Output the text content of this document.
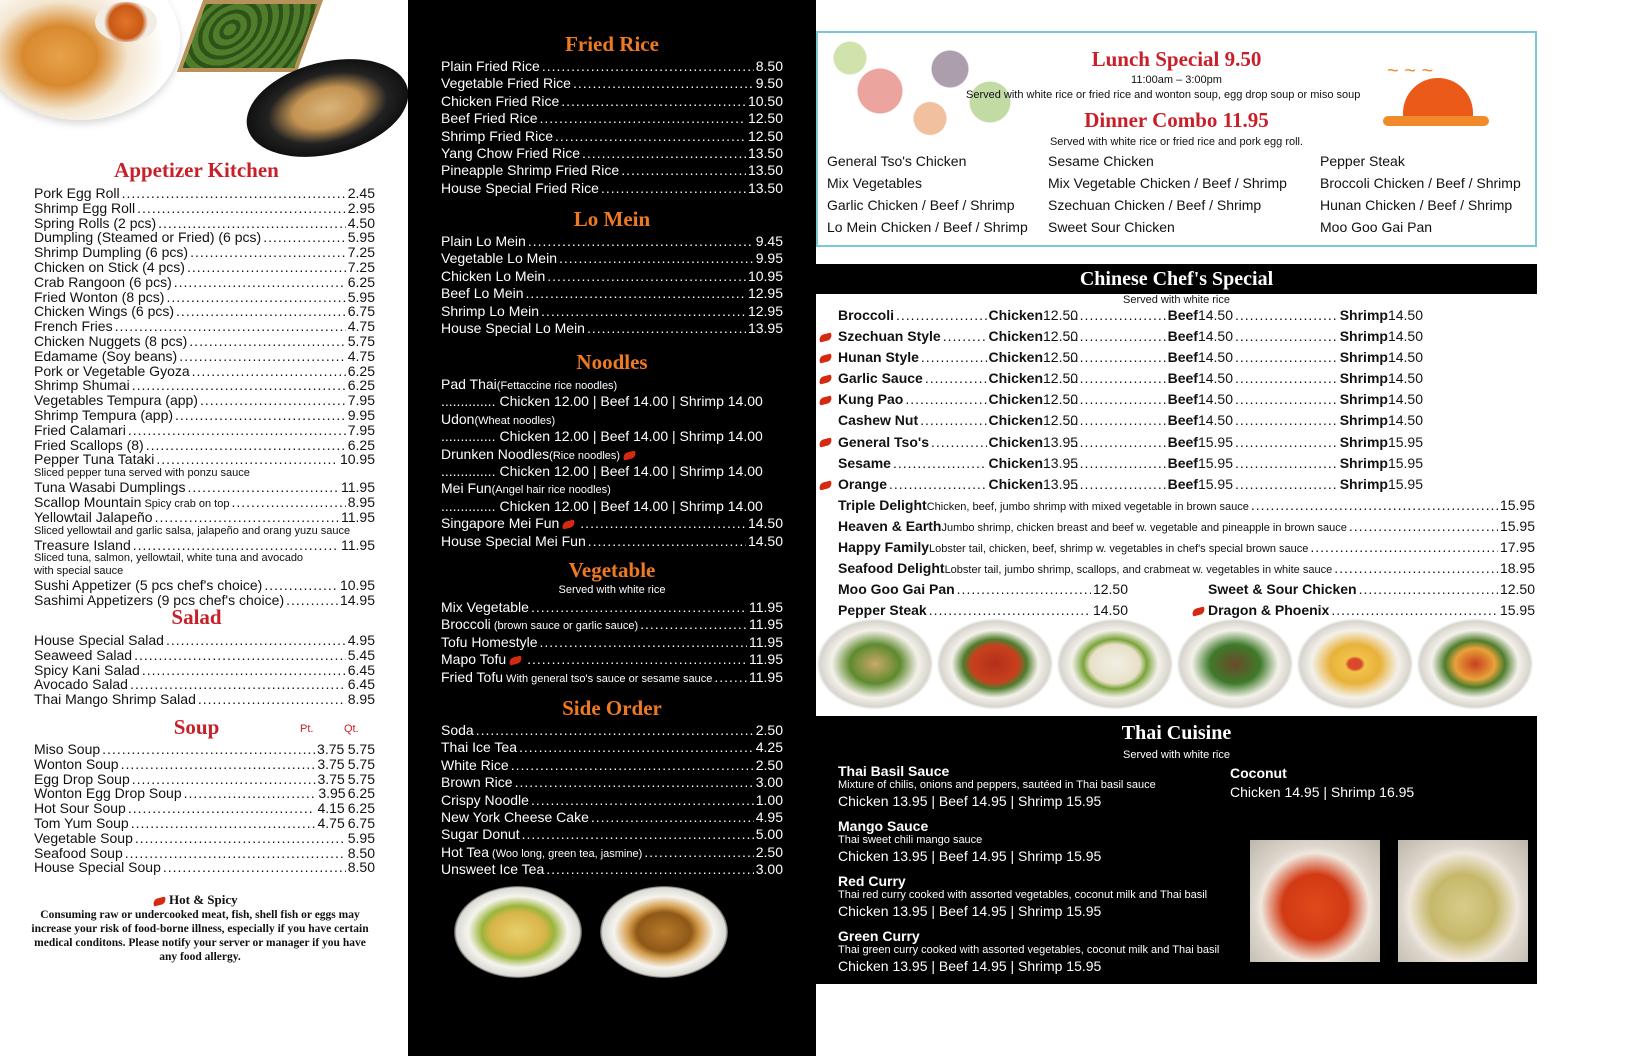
Appetizer Kitchen
Pork Egg Roll .....	2.45
Shrimp Egg Roll .....	2.95
Spring Rolls (2 pcs) .....	4.50
Dumpling (Steamed or Fried) (6 pcs) .....	5.95
Shrimp Dumpling (6 pcs) .....	7.25
Chicken on Stick (4 pcs) .....	7.25
Crab Rangoon (6 pcs) .....	6.25
Fried Wonton (8 pcs) .....	5.95
Chicken Wings (6 pcs) .....	6.75
French Fries .....	4.75
Chicken Nuggets (8 pcs) .....	5.75
Edamame (Soy beans) .....	4.75
Pork or Vegetable Gyoza .....	6.25
Shrimp Shumai .....	6.25
Vegetables Tempura (app) .....	7.95
Shrimp Tempura (app) .....	9.95
Fried Calamari .....	7.95
Fried Scallops (8) .....	6.25
Pepper Tuna Tataki .....	10.95
Sliced pepper tuna served with ponzu sauce
Tuna Wasabi Dumplings .....	11.95
Scallop Mountain Spicy crab on top .....	8.95
Yellowtail Jalapeño .....	11.95
Sliced yellowtail and garlic salsa, jalapeño and orang yuzu sauce
Treasure Island .....	11.95
Sliced tuna, salmon, yellowtail, white tuna and avocado
with special sauce
Sushi Appetizer (5 pcs chef's choice) .....	10.95
Sashimi Appetizers (9 pcs chef's choice) .....	14.95
Salad
House Special Salad .....	4.95
Seaweed Salad .....	5.45
Spicy Kani Salad .....	6.45
Avocado Salad .....	6.45
Thai Mango Shrimp Salad .....	8.95
Soup	Pt.	Qt.
Miso Soup .....	3.75 5.75
Wonton Soup .....	3.75 5.75
Egg Drop Soup .....	3.75 5.75
Wonton Egg Drop Soup .....	3.95 6.25
Hot Sour Soup .....	4.15 6.25
Tom Yum Soup .....	4.75 6.75
Vegetable Soup .....	5.95
Seafood Soup .....	8.50
House Special Soup .....	8.50
Hot & Spicy
Consuming raw or undercooked meat, fish, shell fish or eggs may increase your risk of food-borne illness, especially if you have certain medical conditons. Please notify your server or manager if you have any food allergy.
Fried Rice
Plain Fried Rice .....	8.50
Vegetable Fried Rice .....	9.50
Chicken Fried Rice .....	10.50
Beef Fried Rice .....	12.50
Shrimp Fried Rice .....	12.50
Yang Chow Fried Rice .....	13.50
Pineapple Shrimp Fried Rice .....	13.50
House Special Fried Rice .....	13.50
Lo Mein
Plain Lo Mein .....	9.45
Vegetable Lo Mein .....	9.95
Chicken Lo Mein .....	10.95
Beef Lo Mein .....	12.95
Shrimp Lo Mein .....	12.95
House Special Lo Mein .....	13.95
Noodles
Pad Thai (Fettaccine rice noodles)
.............. Chicken 12.00 | Beef 14.00 | Shrimp 14.00
Udon (Wheat noodles)
.............. Chicken 12.00 | Beef 14.00 | Shrimp 14.00
Drunken Noodles (Rice noodles)
.............. Chicken 12.00 | Beef 14.00 | Shrimp 14.00
Mei Fun (Angel hair rice noodles)
.............. Chicken 12.00 | Beef 14.00 | Shrimp 14.00
Singapore Mei Fun .....	14.50
House Special Mei Fun .....	14.50
Vegetable
Served with white rice
Mix Vegetable .....	11.95
Broccoli (brown sauce or garlic sauce) .....	11.95
Tofu Homestyle .....	11.95
Mapo Tofu .....	11.95
Fried Tofu With general tso's sauce or sesame sauce .....	11.95
Side Order
Soda .....	2.50
Thai Ice Tea .....	4.25
White Rice .....	2.50
Brown Rice .....	3.00
Crispy Noodle .....	1.00
New York Cheese Cake .....	4.95
Sugar Donut .....	5.00
Hot Tea (Woo long, green tea, jasmine) .....	2.50
Unsweet Ice Tea .....	3.00
~ ~ ~
Lunch Special 9.50
11:00am – 3:00pm
Served with white rice or fried rice and wonton soup, egg drop soup or miso soup
Dinner Combo 11.95
Served with white rice or fried rice and pork egg roll.
General Tso's Chicken
Mix Vegetables
Garlic Chicken / Beef / Shrimp
Lo Mein Chicken / Beef / Shrimp
Sesame Chicken
Mix Vegetable Chicken / Beef / Shrimp
Szechuan Chicken / Beef / Shrimp
Sweet Sour Chicken
Pepper Steak
Broccoli Chicken / Beef / Shrimp
Hunan Chicken / Beef / Shrimp
Moo Goo Gai Pan
Chinese Chef's Special
Served with white rice
Broccoli .....	Chicken 12.50 .....	Beef 14.50 .....	Shrimp 14.50
Szechuan Style .....	Chicken 12.50 .....	Beef 14.50 .....	Shrimp 14.50
Hunan Style .....	Chicken 12.50 .....	Beef 14.50 .....	Shrimp 14.50
Garlic Sauce .....	Chicken 12.50 .....	Beef 14.50 .....	Shrimp 14.50
Kung Pao .....	Chicken 12.50 .....	Beef 14.50 .....	Shrimp 14.50
Cashew Nut .....	Chicken 12.50 .....	Beef 14.50 .....	Shrimp 14.50
General Tso's .....	Chicken 13.95 .....	Beef 15.95 .....	Shrimp 15.95
Sesame .....	Chicken 13.95 .....	Beef 15.95 .....	Shrimp 15.95
Orange .....	Chicken 13.95 .....	Beef 15.95 .....	Shrimp 15.95
Triple Delight Chicken, beef, jumbo shrimp with mixed vegetable in brown sauce .....	15.95
Heaven & Earth Jumbo shrimp, chicken breast and beef w. vegetable and pineapple in brown sauce .....	15.95
Happy Family Lobster tail, chicken, beef, shrimp w. vegetables in chef's special brown sauce .....	17.95
Seafood Delight Lobster tail, jumbo shrimp, scallops, and crabmeat w. vegetables in white sauce .....	18.95
Moo Goo Gai Pan .....	12.50	Sweet & Sour Chicken .....	12.50
Pepper Steak .....	14.50	Dragon & Phoenix .....	15.95
Thai Cuisine
Served with white rice
Thai Basil Sauce
Mixture of chilis, onions and peppers, sautéed in Thai basil sauce
Chicken 13.95 | Beef 14.95 | Shrimp 15.95
Mango Sauce
Thai sweet chili mango sauce
Chicken 13.95 | Beef 14.95 | Shrimp 15.95
Red Curry
Thai red curry cooked with assorted vegetables, coconut milk and Thai basil
Chicken 13.95 | Beef 14.95 | Shrimp 15.95
Green Curry
Thai green curry cooked with assorted vegetables, coconut milk and Thai basil
Chicken 13.95 | Beef 14.95 | Shrimp 15.95
Coconut
Chicken 14.95 | Shrimp 16.95
